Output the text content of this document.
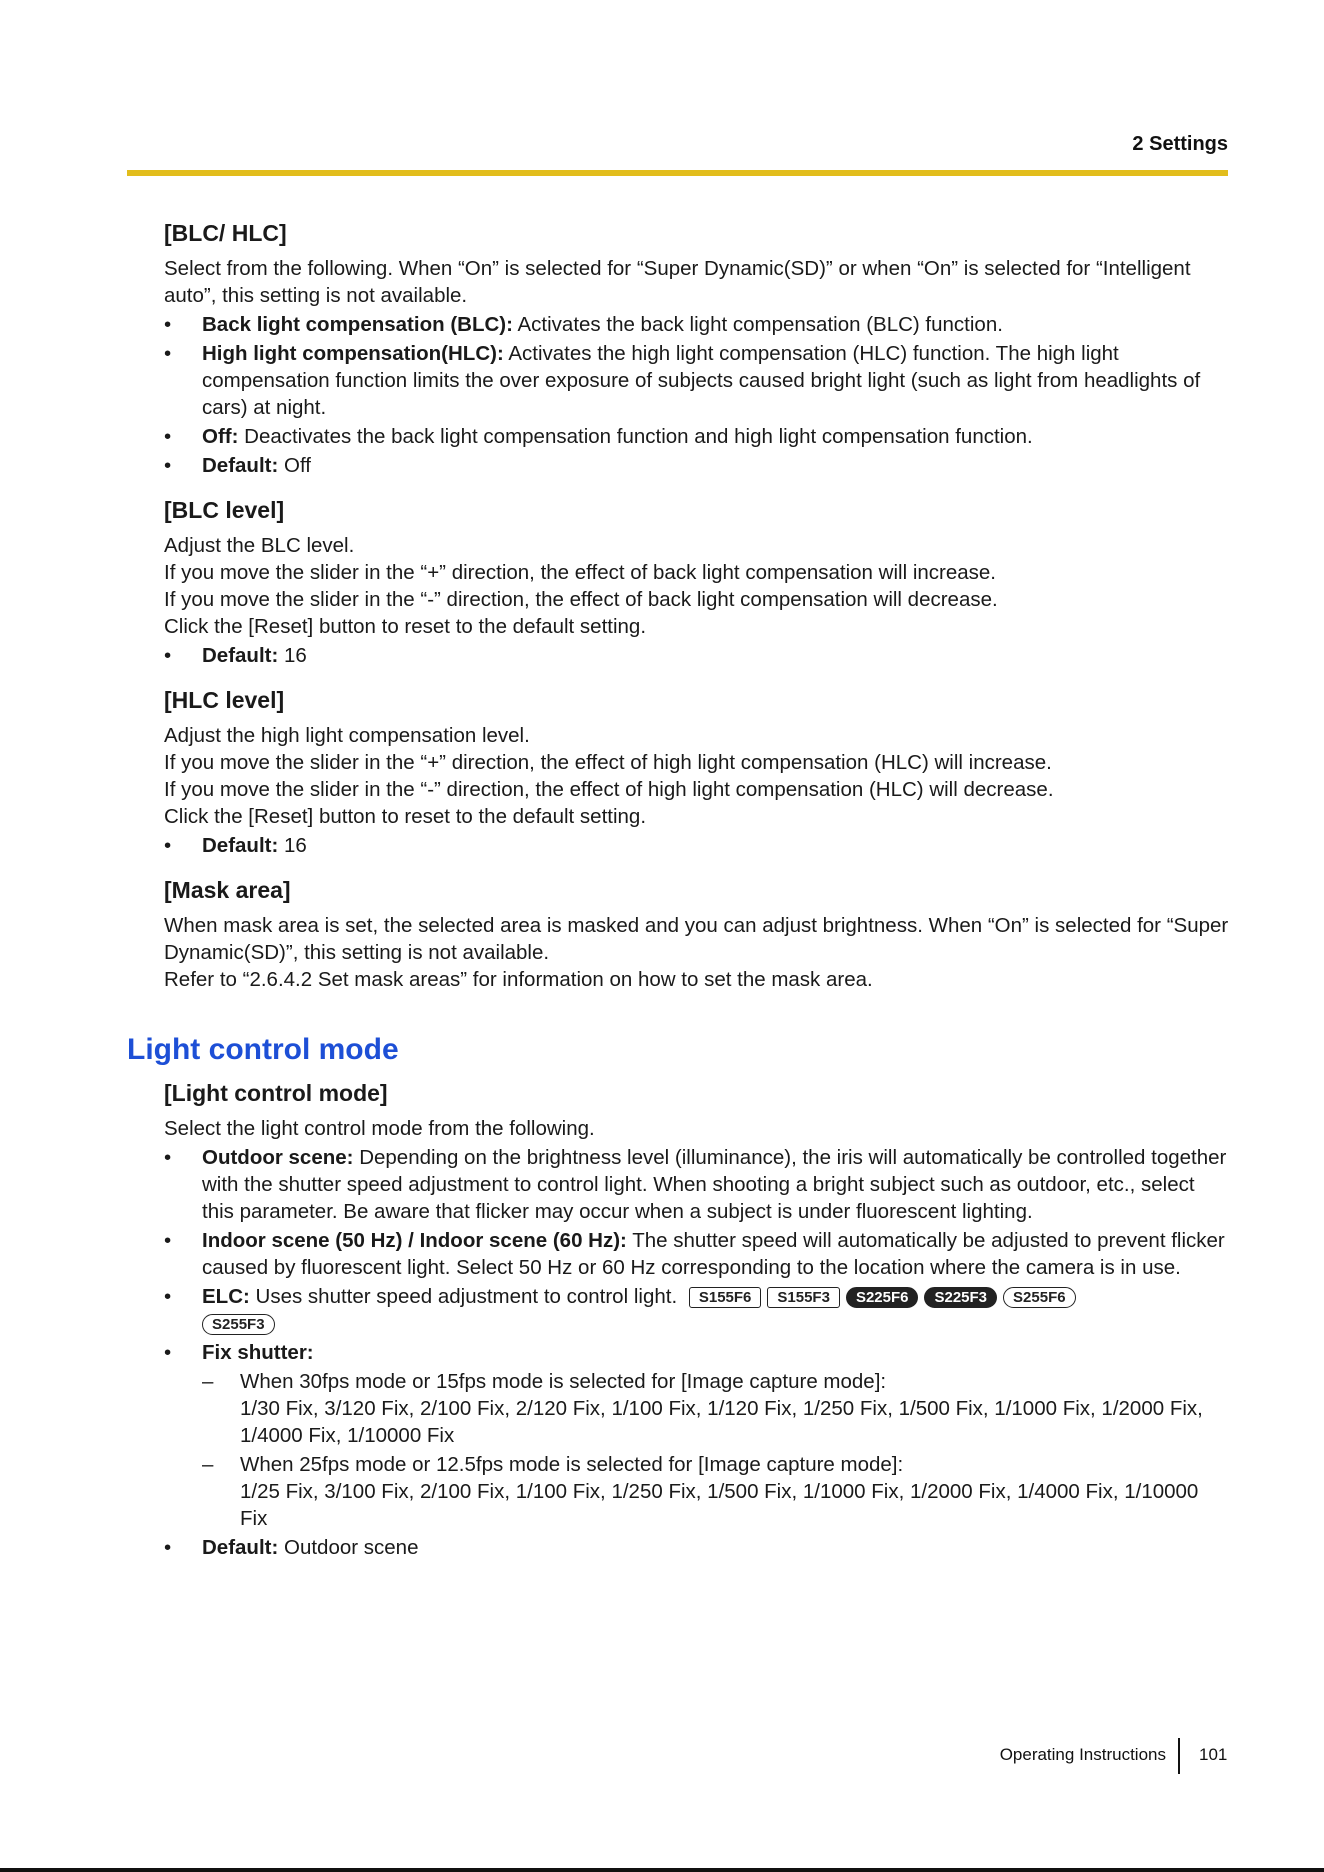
2 Settings
[BLC/ HLC]

Select from the following. When “On” is selected for “Super Dynamic(SD)” or when “On” is selected for “Intelligent auto”, this setting is not available.

• Back light compensation (BLC): Activates the back light compensation (BLC) function.
• High light compensation(HLC): Activates the high light compensation (HLC) function. The high light compensation function limits the over exposure of subjects caused bright light (such as light from headlights of cars) at night.
• Off: Deactivates the back light compensation function and high light compensation function.
• Default: Off
[BLC level]

Adjust the BLC level.

If you move the slider in the “+” direction, the effect of back light compensation will increase.

If you move the slider in the “-” direction, the effect of back light compensation will decrease.

Click the [Reset] button to reset to the default setting.

• Default: 16
[HLC level]

Adjust the high light compensation level.

If you move the slider in the “+” direction, the effect of high light compensation (HLC) will increase.

If you move the slider in the “-” direction, the effect of high light compensation (HLC) will decrease.

Click the [Reset] button to reset to the default setting.

• Default: 16
[Mask area]

When mask area is set, the selected area is masked and you can adjust brightness. When “On” is selected for “Super Dynamic(SD)”, this setting is not available.

Refer to “2.6.4.2 Set mask areas” for information on how to set the mask area.

[Light control mode]

Select the light control mode from the following.

• Outdoor scene: Depending on the brightness level (illuminance), the iris will automatically be controlled together with the shutter speed adjustment to control light. When shooting a bright subject such as outdoor, etc., select this parameter. Be aware that flicker may occur when a subject is under fluorescent lighting.
• Indoor scene (50 Hz) / Indoor scene (60 Hz): The shutter speed will automatically be adjusted to prevent flicker caused by fluorescent light. Select 50 Hz or 60 Hz corresponding to the location where the camera is in use.
• ELC: Uses shutter speed adjustment to control light. S155F6 S155F3 S225F6 S225F3 S255F6
S255F3
• Fix shutter:
– When 30fps mode or 15fps mode is selected for [Image capture mode]:
1/30 Fix, 3/120 Fix, 2/100 Fix, 2/120 Fix, 1/100 Fix, 1/120 Fix, 1/250 Fix, 1/500 Fix, 1/1000 Fix, 1/2000 Fix, 1/4000 Fix, 1/10000 Fix
– When 25fps mode or 12.5fps mode is selected for [Image capture mode]:
1/25 Fix, 3/100 Fix, 2/100 Fix, 1/100 Fix, 1/250 Fix, 1/500 Fix, 1/1000 Fix, 1/2000 Fix, 1/4000 Fix, 1/10000 Fix
• Default: Outdoor scene
Light control mode
Operating Instructions 101
